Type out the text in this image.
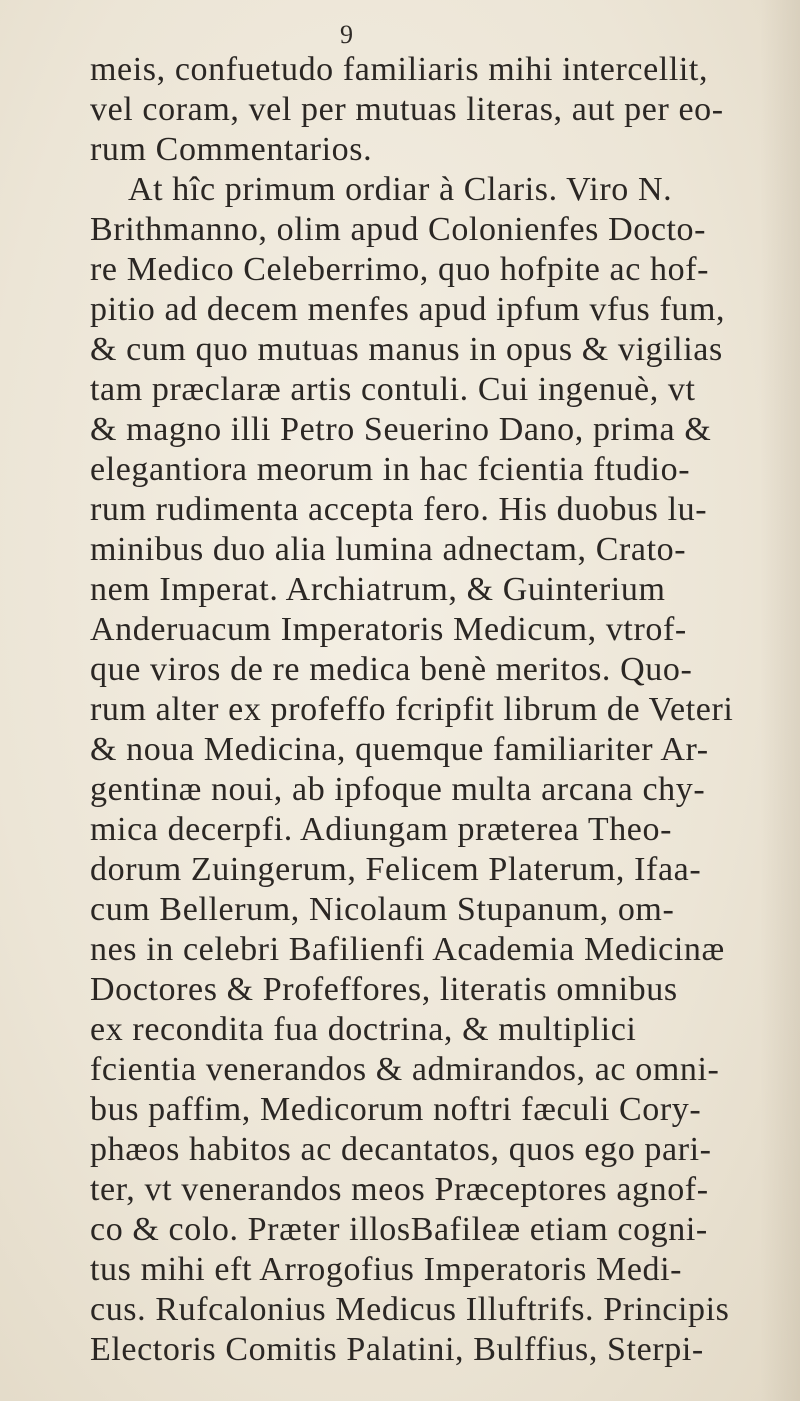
9
meis, confuetudo familiaris mihi intercellit,
vel coram, vel per mutuas literas, aut per eo-
rum Commentarios.
At hîc primum ordiar à Claris. Viro N.
Brithmanno, olim apud Colonienfes Docto-
re Medico Celeberrimo, quo hofpite ac hof-
pitio ad decem menfes apud ipfum vfus fum,
& cum quo mutuas manus in opus & vigilias
tam præclaræ artis contuli. Cui ingenuè, vt
& magno illi Petro Seuerino Dano, prima &
elegantiora meorum in hac fcientia ftudio-
rum rudimenta accepta fero. His duobus lu-
minibus duo alia lumina adnectam, Crato-
nem Imperat. Archiatrum, & Guinterium
Anderuacum Imperatoris Medicum, vtrof-
que viros de re medica benè meritos. Quo-
rum alter ex profeffo fcripfit librum de Veteri
& noua Medicina, quemque familiariter Ar-
gentinæ noui, ab ipfoque multa arcana chy-
mica decerpfi. Adiungam præterea Theo-
dorum Zuingerum, Felicem Platerum, Ifaa-
cum Bellerum, Nicolaum Stupanum, om-
nes in celebri Bafilienfi Academia Medicinæ
Doctores & Profeffores, literatis omnibus
ex recondita fua doctrina, & multiplici
fcientia venerandos & admirandos, ac omni-
bus paffim, Medicorum noftri fæculi Cory-
phæos habitos ac decantatos, quos ego pari-
ter, vt venerandos meos Præceptores agnof-
co & colo. Præter illosBafileæ etiam cogni-
tus mihi eft Arrogofius Imperatoris Medi-
cus. Rufcalonius Medicus Illuftrifs. Principis
Electoris Comitis Palatini, Bulffius, Sterpi-
